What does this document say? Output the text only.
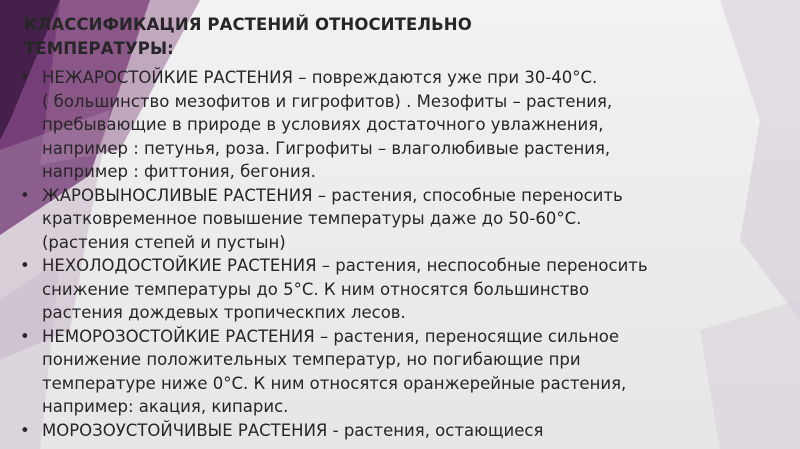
КЛАССИФИКАЦИЯ РАСТЕНИЙ ОТНОСИТЕЛЬНО
ТЕМПЕРАТУРЫ:
• НЕЖАРОСТОЙКИЕ РАСТЕНИЯ – повреждаются уже при 30-40°С.
( большинство мезофитов и гигрофитов) . Мезофиты – растения,
пребывающие в природе в условиях достаточного увлажнения,
например : петунья, роза. Гигрофиты – влаголюбивые растения,
например : фиттония, бегония.
• ЖАРОВЫНОСЛИВЫЕ РАСТЕНИЯ – растения, способные переносить
кратковременное повышение температуры даже до 50-60°С.
(растения степей и пустын)
• НЕХОЛОДОСТОЙКИЕ РАСТЕНИЯ – растения, неспособные переносить
снижение температуры до 5°С. К ним относятся большинство
растения дождевых тропическпих лесов.
• НЕМОРОЗОСТОЙКИЕ РАСТЕНИЯ – растения, переносящие сильное
понижение положительных температур, но погибающие при
температуре ниже 0°С. К ним относятся оранжерейные растения,
например: акация, кипарис.
• МОРОЗОУСТОЙЧИВЫЕ РАСТЕНИЯ - растения, остающиеся
